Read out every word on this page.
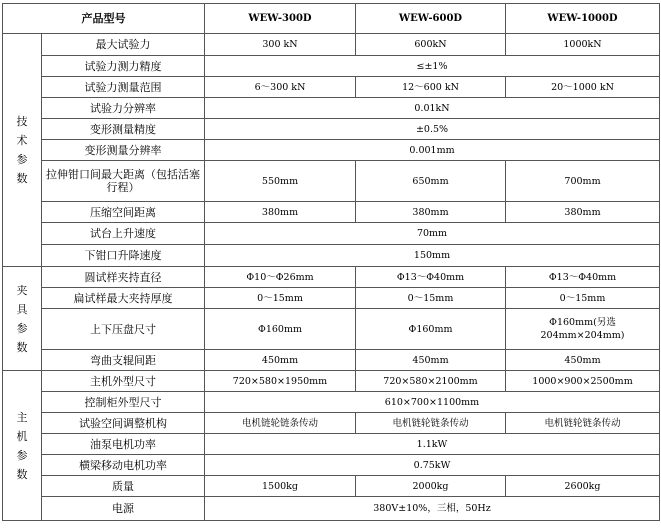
产品型号		WEW-300D	WEW-600D	WEW-1000D
技术参数	最大试验力	300 kN	600kN	1000kN
	试验力测力精度	≤±1%		
	试验力测量范围	6～300 kN	12～600 kN	20～1000 kN
	试验力分辨率	0.01kN		
	变形测量精度	±0.5%		
	变形测量分辨率	0.001mm		
	拉伸钳口间最大距离（包括活塞行程）	550mm	650mm	700mm
	压缩空间距离	380mm	380mm	380mm
	试台上升速度	70mm		
	下钳口升降速度	150mm		
夹具参数	圆试样夹持直径	Φ10～Φ26mm	Φ13～Φ40mm	Φ13～Φ40mm
	扁试样最大夹持厚度	0～15mm	0～15mm	0～15mm
	上下压盘尺寸	Φ160mm	Φ160mm	Φ160mm(另选 204mm×204mm)
	弯曲支辊间距	450mm	450mm	450mm
主机参数	主机外型尺寸	720×580×1950mm	720×580×2100mm	1000×900×2500mm
	控制柜外型尺寸	610×700×1100mm		
	试验空间调整机构	电机链轮链条传动	电机链轮链条传动	电机链轮链条传动
	油泵电机功率	1.1kW		
	横梁移动电机功率	0.75kW		
	质量	1500kg	2000kg	2600kg
	电源	380V±10%，三相，50Hz		
